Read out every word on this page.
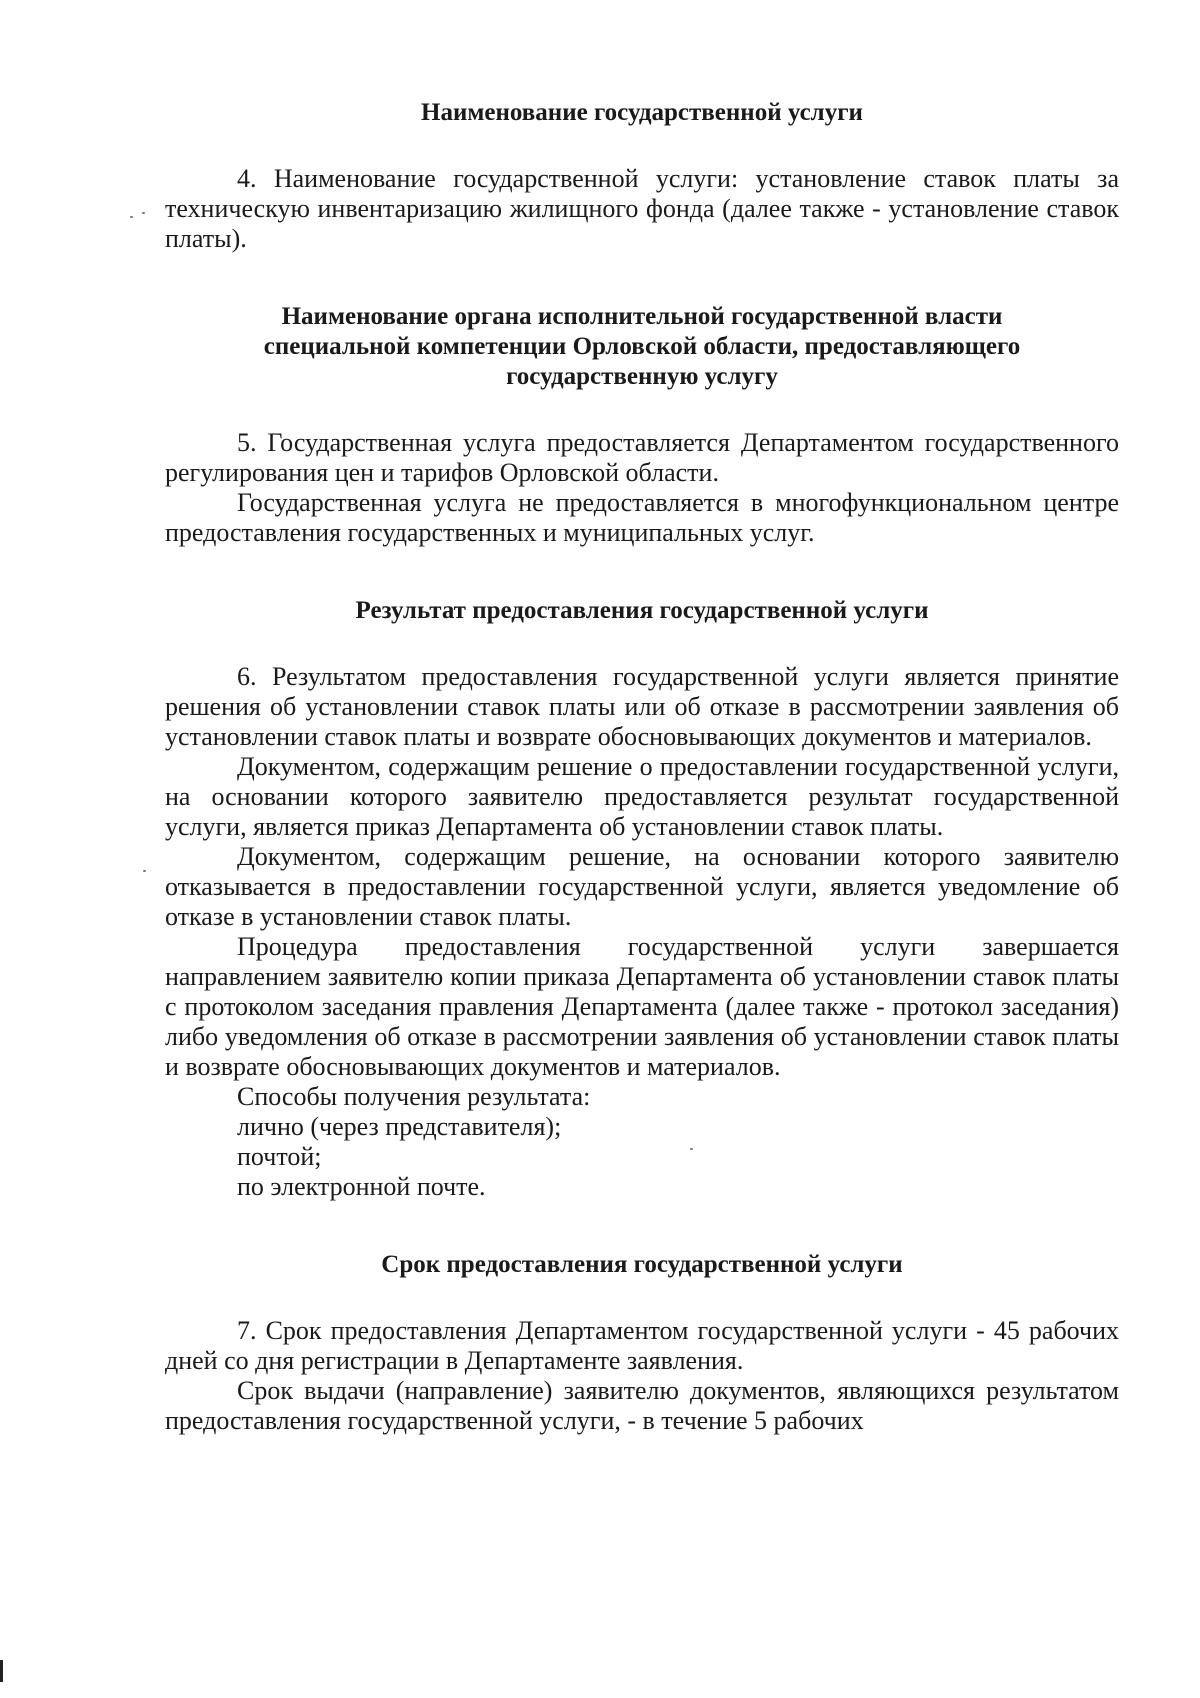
Наименование государственной услуги

4. Наименование государственной услуги: установление ставок платы за техническую инвентаризацию жилищного фонда (далее также - установление ставок платы).

Наименование органа исполнительной государственной власти
специальной компетенции Орловской области, предоставляющего
государственную услугу

5. Государственная услуга предоставляется Департаментом государственного регулирования цен и тарифов Орловской области.

Государственная услуга не предоставляется в многофункциональном центре предоставления государственных и муниципальных услуг.

Результат предоставления государственной услуги

6. Результатом предоставления государственной услуги является принятие решения об установлении ставок платы или об отказе в рассмотрении заявления об установлении ставок платы и возврате обосновывающих документов и материалов.

Документом, содержащим решение о предоставлении государственной услуги, на основании которого заявителю предоставляется результат государственной услуги, является приказ Департамента об установлении ставок платы.

Документом, содержащим решение, на основании которого заявителю отказывается в предоставлении государственной услуги, является уведомление об отказе в установлении ставок платы.

Процедура предоставления государственной услуги завершается направлением заявителю копии приказа Департамента об установлении ставок платы с протоколом заседания правления Департамента (далее также - протокол заседания) либо уведомления об отказе в рассмотрении заявления об установлении ставок платы и возврате обосновывающих документов и материалов.

Способы получения результата:

лично (через представителя);

почтой;

по электронной почте.

Срок предоставления государственной услуги

7. Срок предоставления Департаментом государственной услуги - 45 рабочих дней со дня регистрации в Департаменте заявления.

Срок выдачи (направление) заявителю документов, являющихся результатом предоставления государственной услуги, - в течение 5 рабочих
